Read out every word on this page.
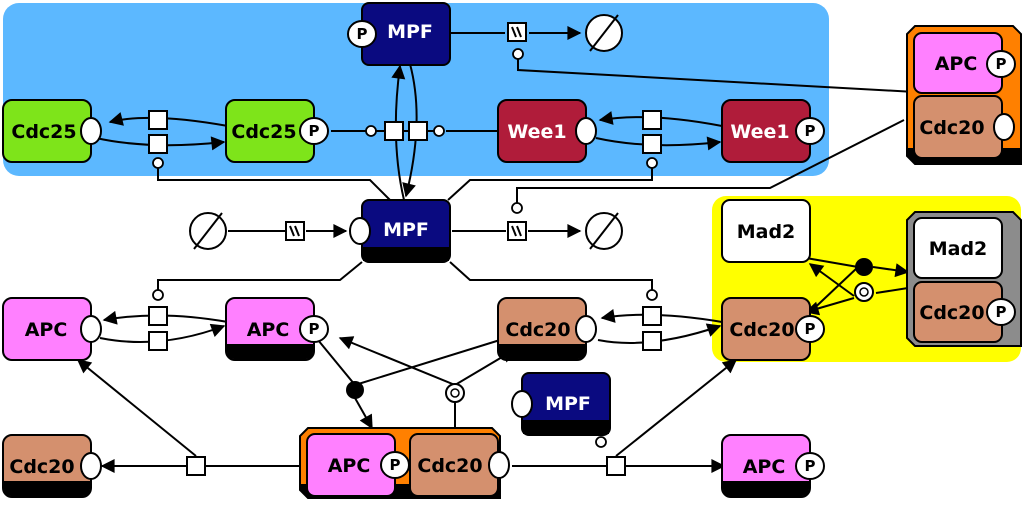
MPF
P
Cdc25	Cdc25 P	Wee1	Wee1 P
APC P
Cdc20
MPF	Mad2
Mad2
Cdc20 P
APC	APC P	Cdc20	Cdc20 P
MPF
Cdc20	APC P Cdc20	APC P
